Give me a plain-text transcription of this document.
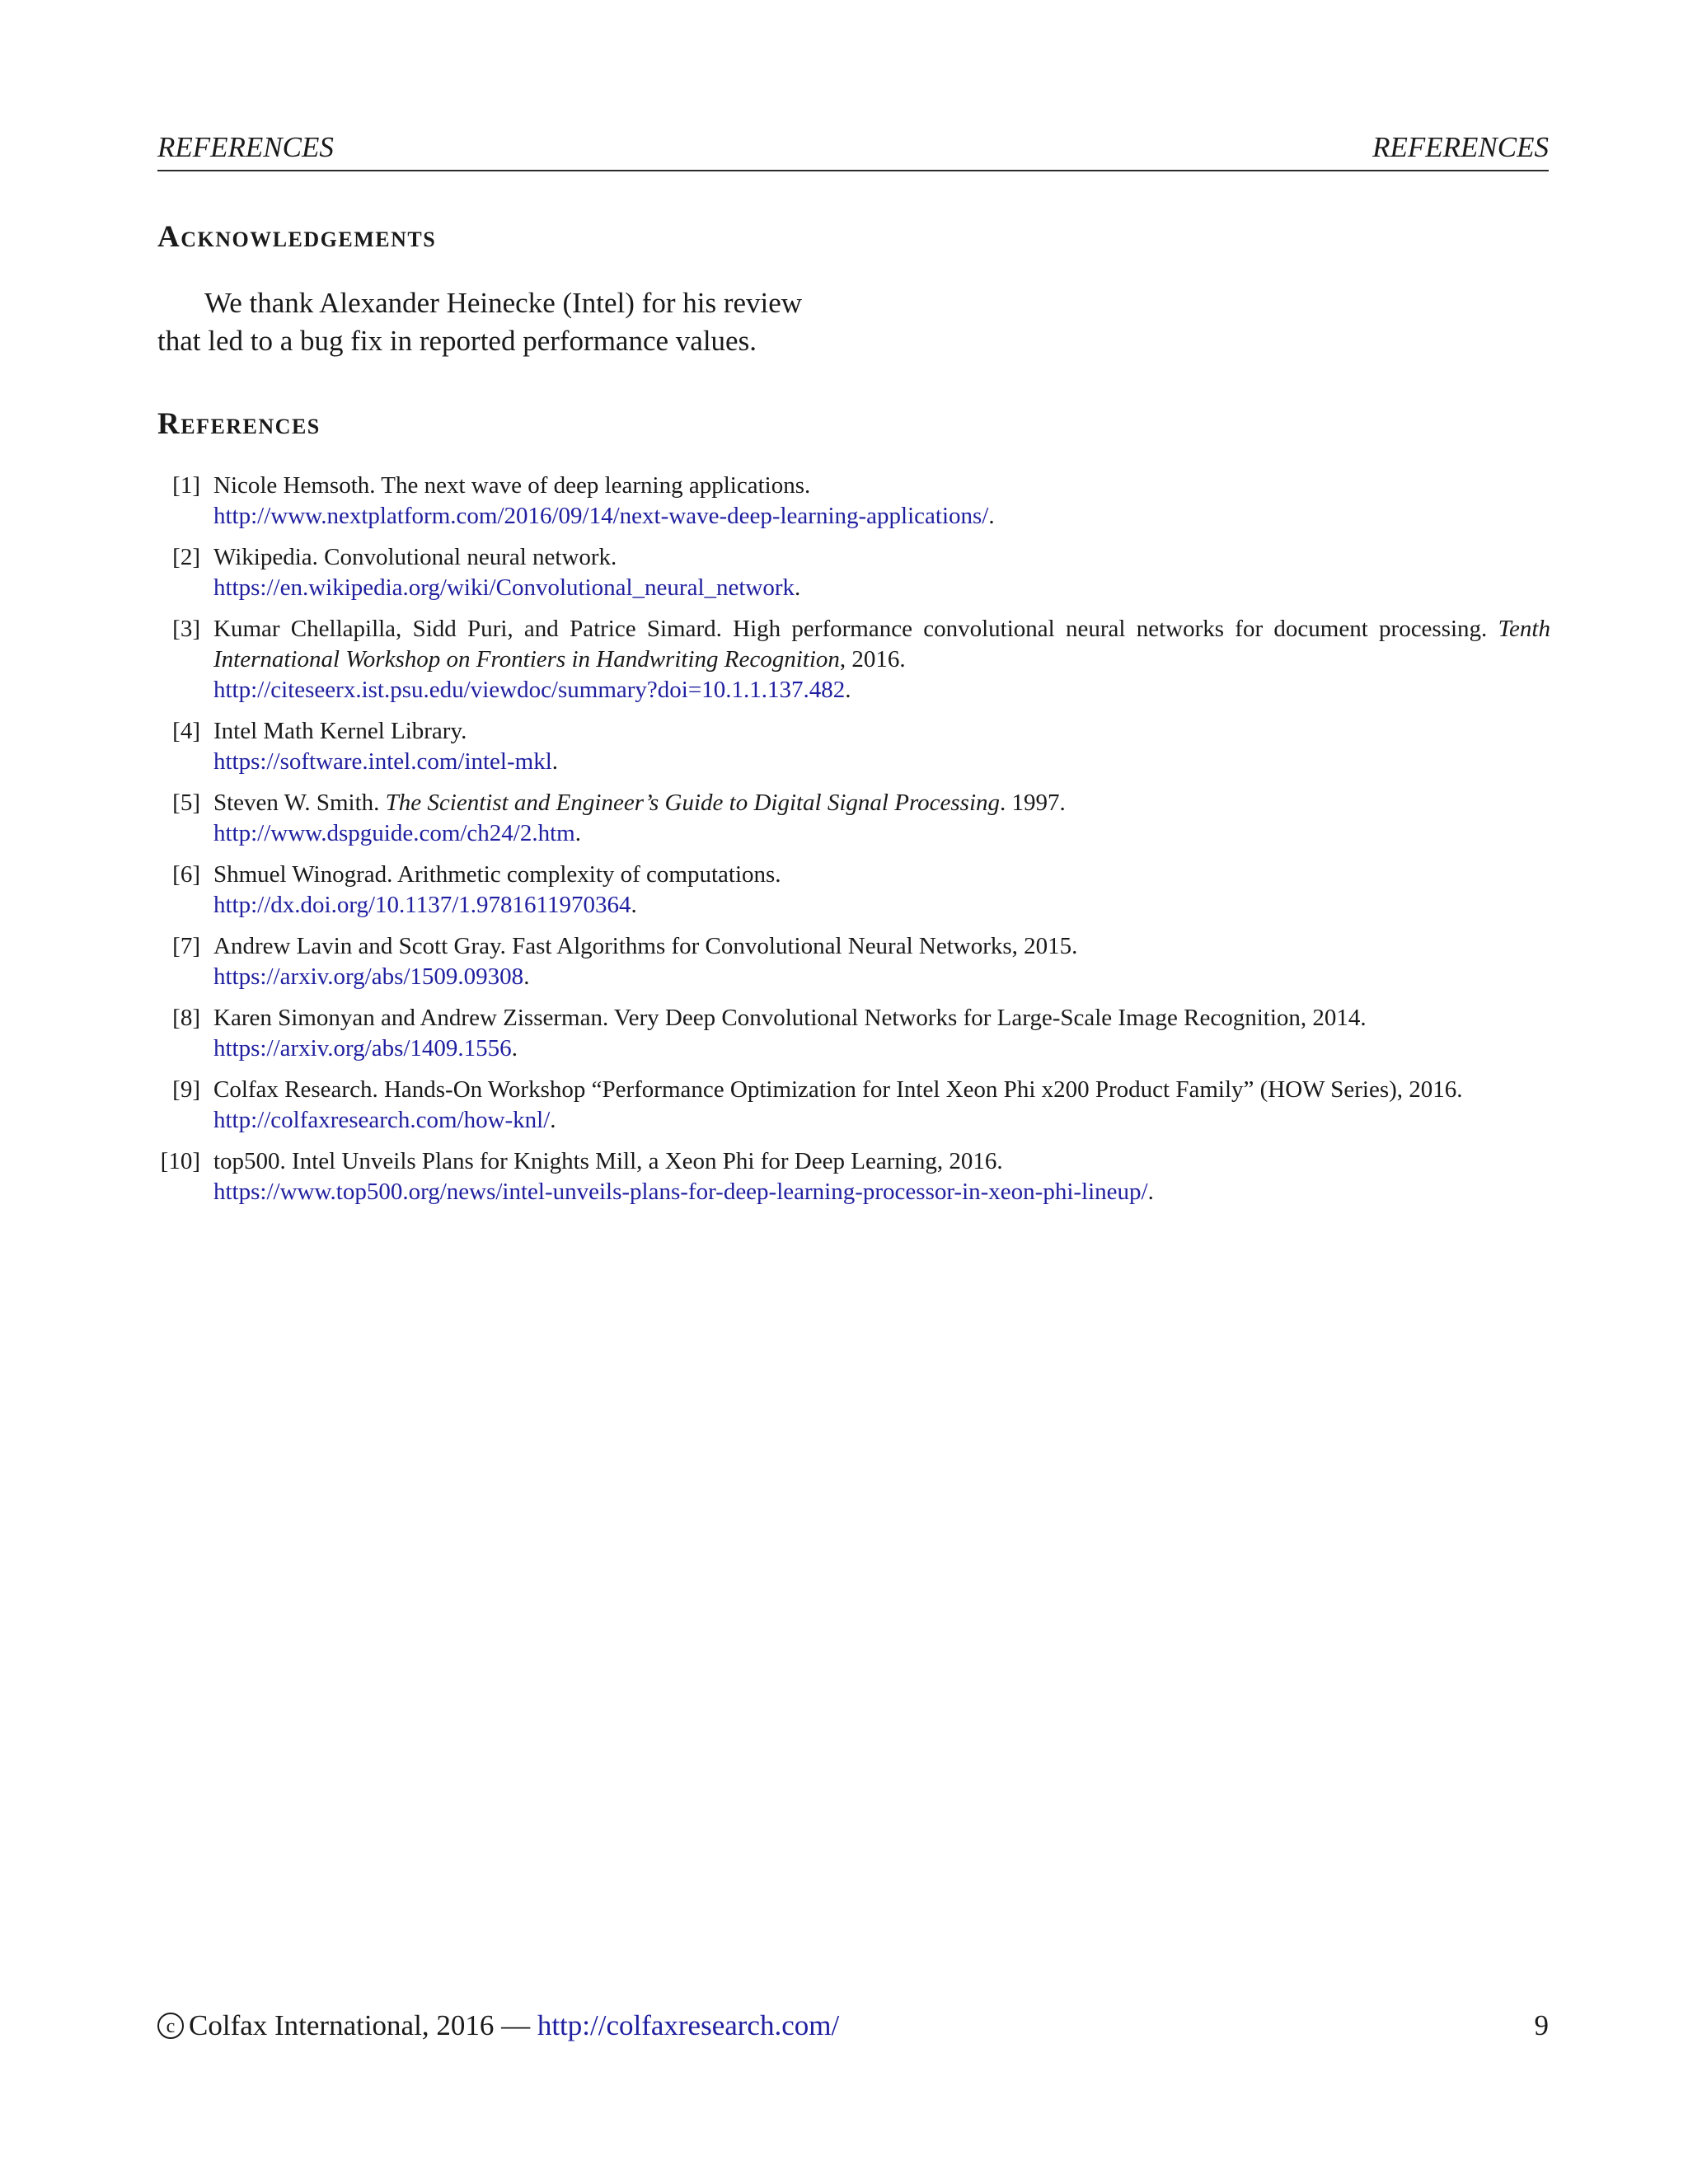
REFERENCES	REFERENCES
Acknowledgements
We thank Alexander Heinecke (Intel) for his review
that led to a bug fix in reported performance values.
References
[1] Nicole Hemsoth. The next wave of deep learning applications.
http://www.nextplatform.com/2016/09/14/next-wave-deep-learning-applications/.
[2] Wikipedia. Convolutional neural network.
https://en.wikipedia.org/wiki/Convolutional_neural_network.
[3] Kumar Chellapilla, Sidd Puri, and Patrice Simard. High performance convolutional neural networks for document processing. Tenth International Workshop on Frontiers in Handwriting Recognition, 2016.
http://citeseerx.ist.psu.edu/viewdoc/summary?doi=10.1.1.137.482.
[4] Intel Math Kernel Library.
https://software.intel.com/intel-mkl.
[5] Steven W. Smith. The Scientist and Engineer’s Guide to Digital Signal Processing. 1997.
http://www.dspguide.com/ch24/2.htm.
[6] Shmuel Winograd. Arithmetic complexity of computations.
http://dx.doi.org/10.1137/1.9781611970364.
[7] Andrew Lavin and Scott Gray. Fast Algorithms for Convolutional Neural Networks, 2015.
https://arxiv.org/abs/1509.09308.
[8] Karen Simonyan and Andrew Zisserman. Very Deep Convolutional Networks for Large-Scale Image Recognition, 2014.
https://arxiv.org/abs/1409.1556.
[9] Colfax Research. Hands-On Workshop “Performance Optimization for Intel Xeon Phi x200 Product Family” (HOW Series), 2016.
http://colfaxresearch.com/how-knl/.
[10] top500. Intel Unveils Plans for Knights Mill, a Xeon Phi for Deep Learning, 2016.
https://www.top500.org/news/intel-unveils-plans-for-deep-learning-processor-in-xeon-phi-lineup/.
c Colfax International, 2016 — http://colfaxresearch.com/	9
